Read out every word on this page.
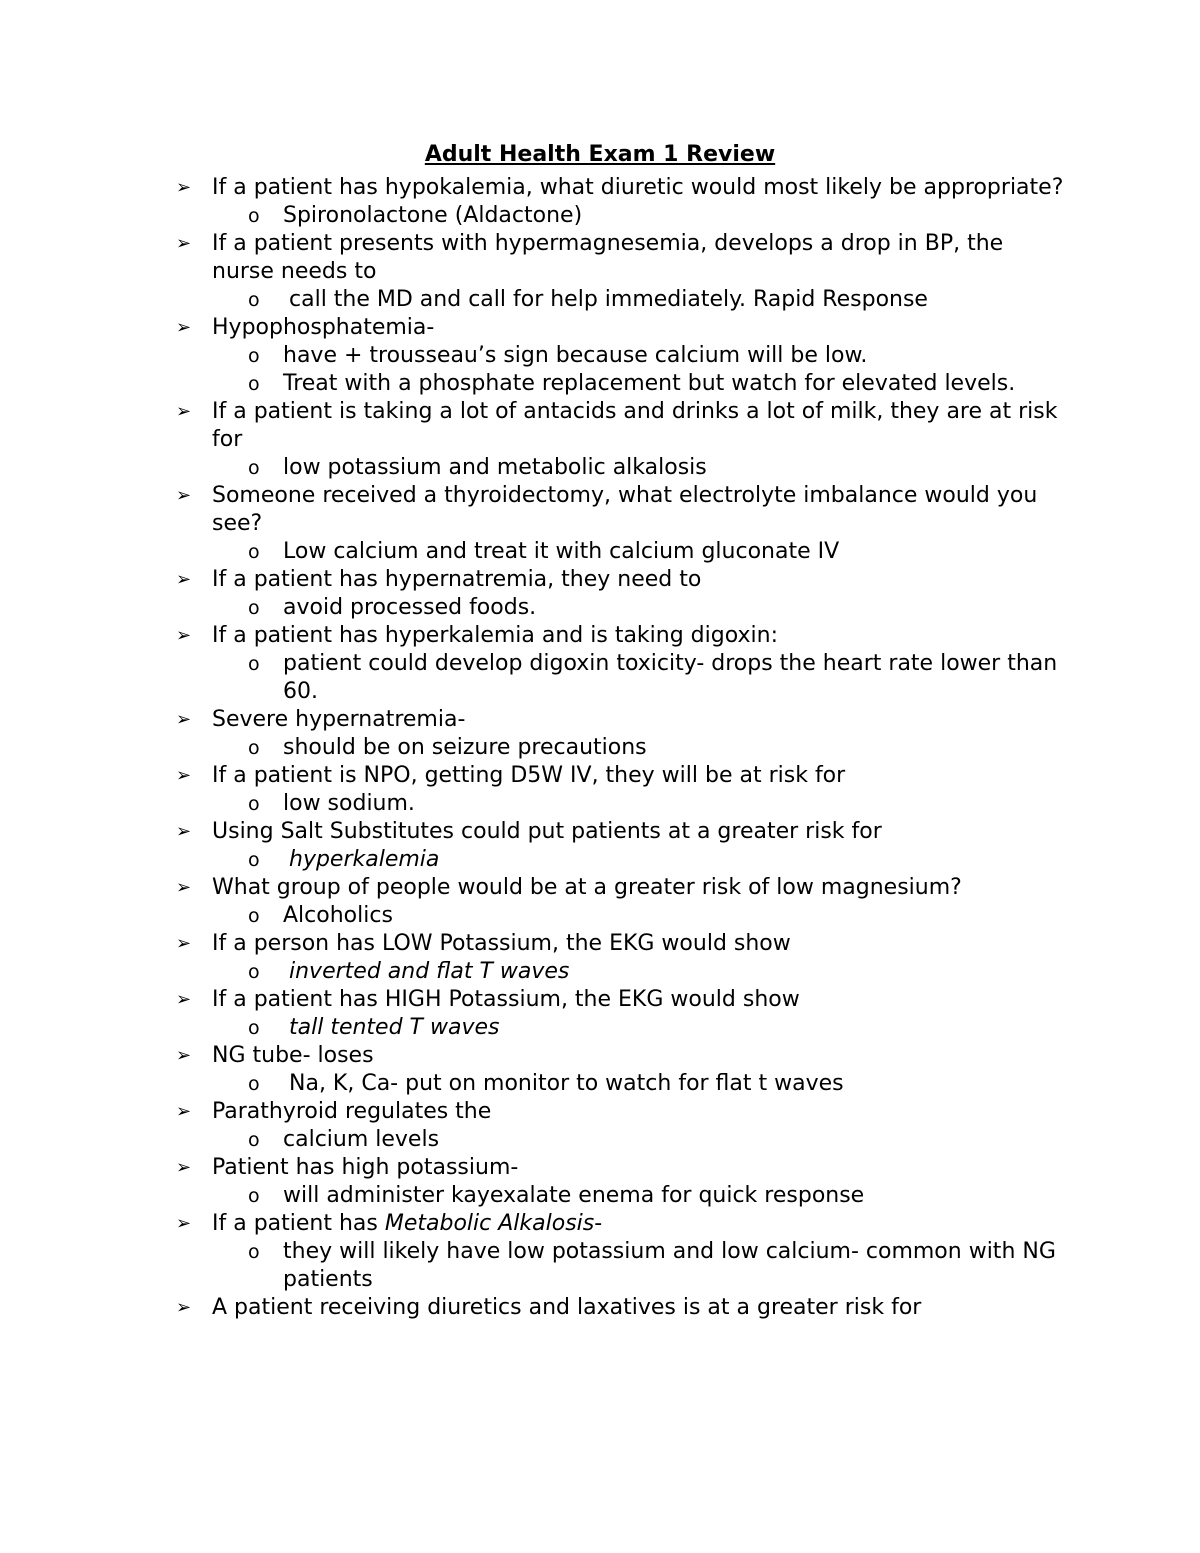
Adult Health Exam 1 Review
➢ If a patient has hypokalemia, what diuretic would most likely be appropriate?
o Spironolactone (Aldactone)
➢ If a patient presents with hypermagnesemia, develops a drop in BP, the nurse needs to
o call the MD and call for help immediately. Rapid Response
➢ Hypophosphatemia-
o have + trousseau’s sign because calcium will be low.
o Treat with a phosphate replacement but watch for elevated levels.
➢ If a patient is taking a lot of antacids and drinks a lot of milk, they are at risk for
o low potassium and metabolic alkalosis
➢ Someone received a thyroidectomy, what electrolyte imbalance would you see?
o Low calcium and treat it with calcium gluconate IV
➢ If a patient has hypernatremia, they need to
o avoid processed foods.
➢ If a patient has hyperkalemia and is taking digoxin:
o patient could develop digoxin toxicity- drops the heart rate lower than 60.
➢ Severe hypernatremia-
o should be on seizure precautions
➢ If a patient is NPO, getting D5W IV, they will be at risk for
o low sodium.
➢ Using Salt Substitutes could put patients at a greater risk for
o hyperkalemia
➢ What group of people would be at a greater risk of low magnesium?
o Alcoholics
➢ If a person has LOW Potassium, the EKG would show
o inverted and flat T waves
➢ If a patient has HIGH Potassium, the EKG would show
o tall tented T waves
➢ NG tube- loses
o Na, K, Ca- put on monitor to watch for flat t waves
➢ Parathyroid regulates the
o calcium levels
➢ Patient has high potassium-
o will administer kayexalate enema for quick response
➢ If a patient has Metabolic Alkalosis-
o they will likely have low potassium and low calcium- common with NG patients
➢ A patient receiving diuretics and laxatives is at a greater risk for
